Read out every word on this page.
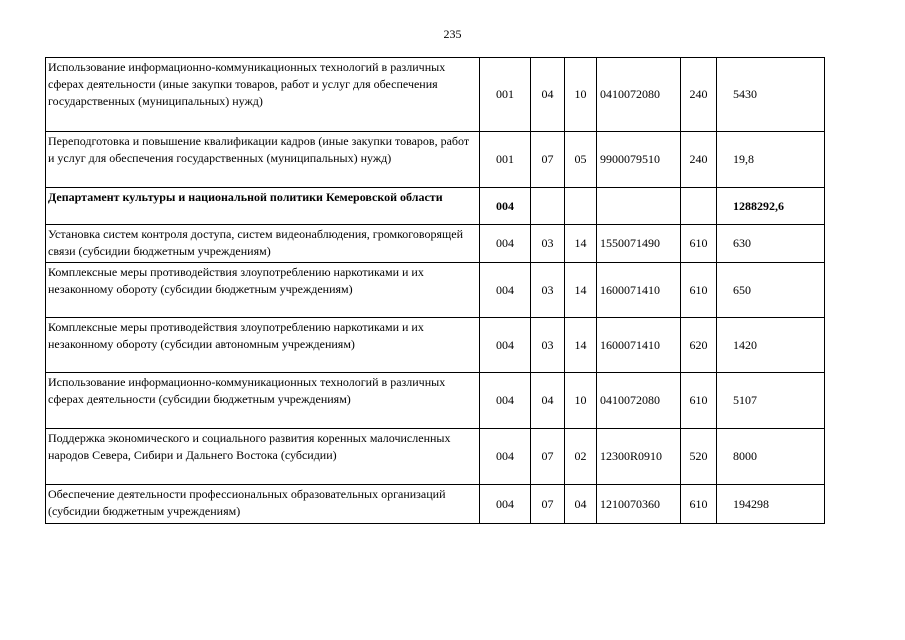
235
Использование информационно-коммуникационных технологий в различных сферах деятельности (иные закупки товаров, работ и услуг для обеспечения государственных (муниципальных) нужд)	001	04	10	0410072080	240	5430
Переподготовка и повышение квалификации кадров (иные закупки товаров, работ и услуг для обеспечения государственных (муниципальных) нужд)	001	07	05	9900079510	240	19,8
Департамент культуры и национальной политики Кемеровской области	004					1288292,6
Установка систем контроля доступа, систем видеонаблюдения, громкоговорящей связи (субсидии бюджетным учреждениям)	004	03	14	1550071490	610	630
Комплексные меры противодействия злоупотреблению наркотиками и их незаконному обороту (субсидии бюджетным учреждениям)	004	03	14	1600071410	610	650
Комплексные меры противодействия злоупотреблению наркотиками и их незаконному обороту (субсидии автономным учреждениям)	004	03	14	1600071410	620	1420
Использование информационно-коммуникационных технологий в различных сферах деятельности (субсидии бюджетным учреждениям)	004	04	10	0410072080	610	5107
Поддержка экономического и социального развития коренных малочисленных народов Севера, Сибири и Дальнего Востока (субсидии)	004	07	02	12300R0910	520	8000
Обеспечение деятельности профессиональных образовательных организаций (субсидии бюджетным учреждениям)	004	07	04	1210070360	610	194298
